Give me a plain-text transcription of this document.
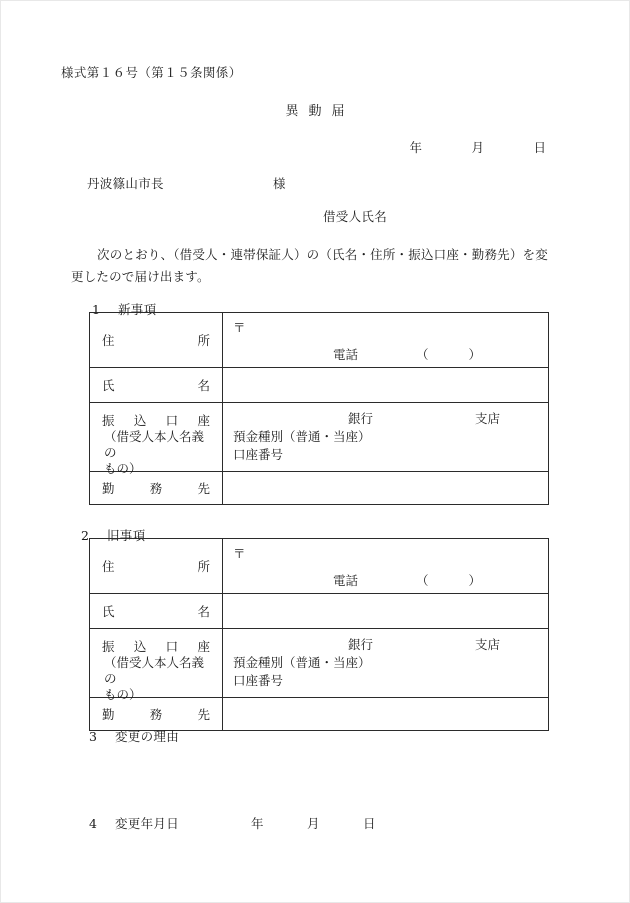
様式第１６号（第１５条関係）
異動届
年	月	日
丹波篠山市長	様
借受人氏名
次のとおり、（借受人・連帯保証人）の（氏名・住所・振込口座・勤務先）を変更したので届け出ます。
1 新事項
住所	〒
電話 （ ）

氏名	

振込口座
（借受人本人名義の
もの）	銀行 支店
預金種別（普通・当座）
口座番号

勤務先	

2 旧事項
住所	〒
電話 （ ）

氏名	

振込口座
（借受人本人名義の
もの）	銀行 支店
預金種別（普通・当座）
口座番号

勤務先	

3 変更の理由
4 変更年月日	年	月	日
